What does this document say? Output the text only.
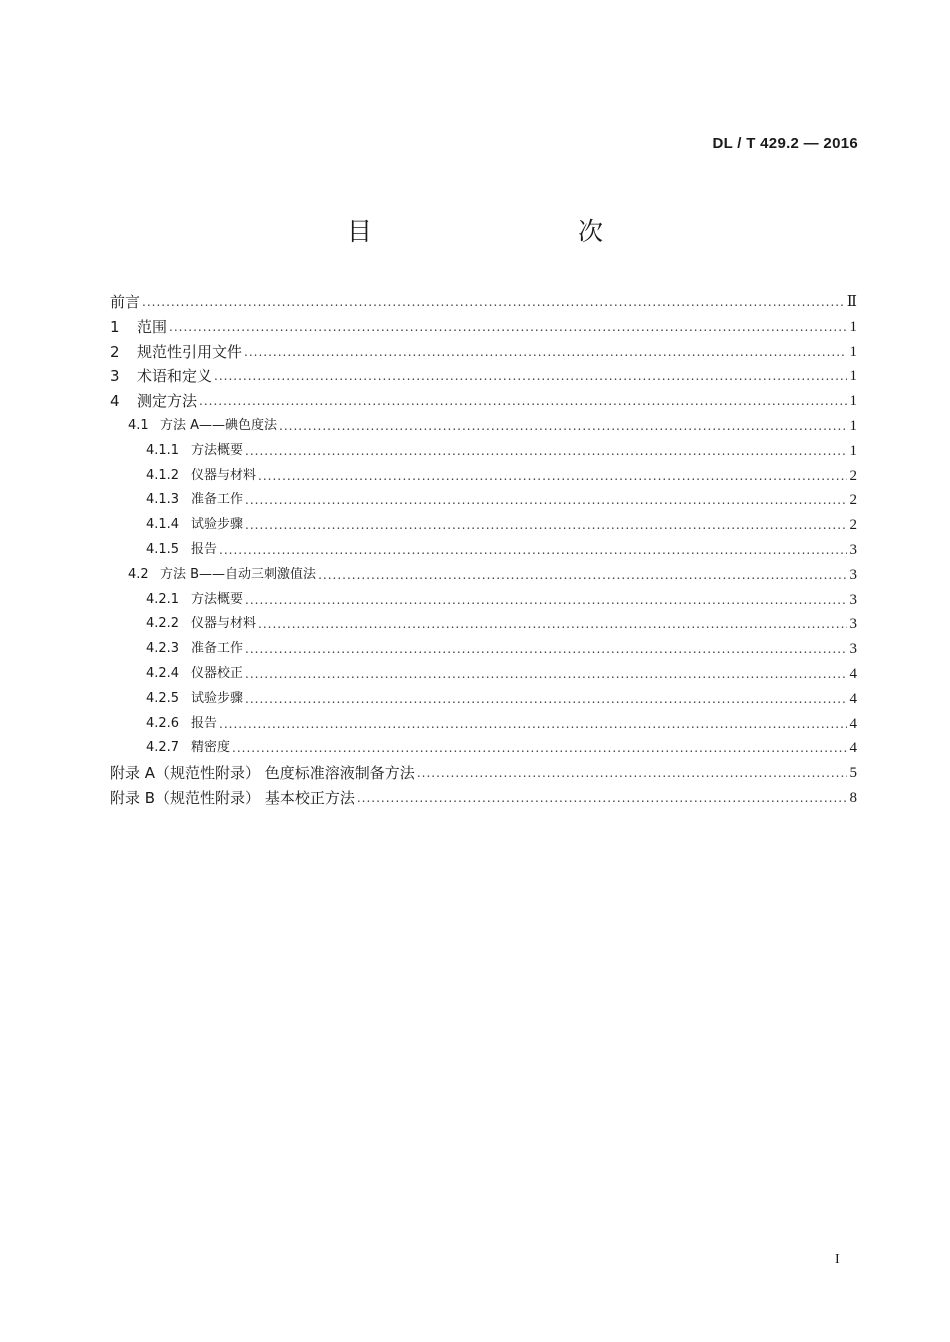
DL / T 429.2 — 2016
目　　次
前言 .....	Ⅱ
1	范围 .....	1
2	规范性引用文件 .....	1
3	术语和定义 .....	1
4	测定方法 .....	1
4.1 方法 A——碘色度法 .....	1
4.1.1 方法概要 .....	1
4.1.2 仪器与材料 .....	2
4.1.3 准备工作 .....	2
4.1.4 试验步骤 .....	2
4.1.5 报告 .....	3
4.2 方法 B——自动三刺激值法 .....	3
4.2.1 方法概要 .....	3
4.2.2 仪器与材料 .....	3
4.2.3 准备工作 .....	3
4.2.4 仪器校正 .....	4
4.2.5 试验步骤 .....	4
4.2.6 报告 .....	4
4.2.7 精密度 .....	4
附录 A（规范性附录） 色度标准溶液制备方法 .....	5
附录 B（规范性附录） 基本校正方法 .....	8
I
